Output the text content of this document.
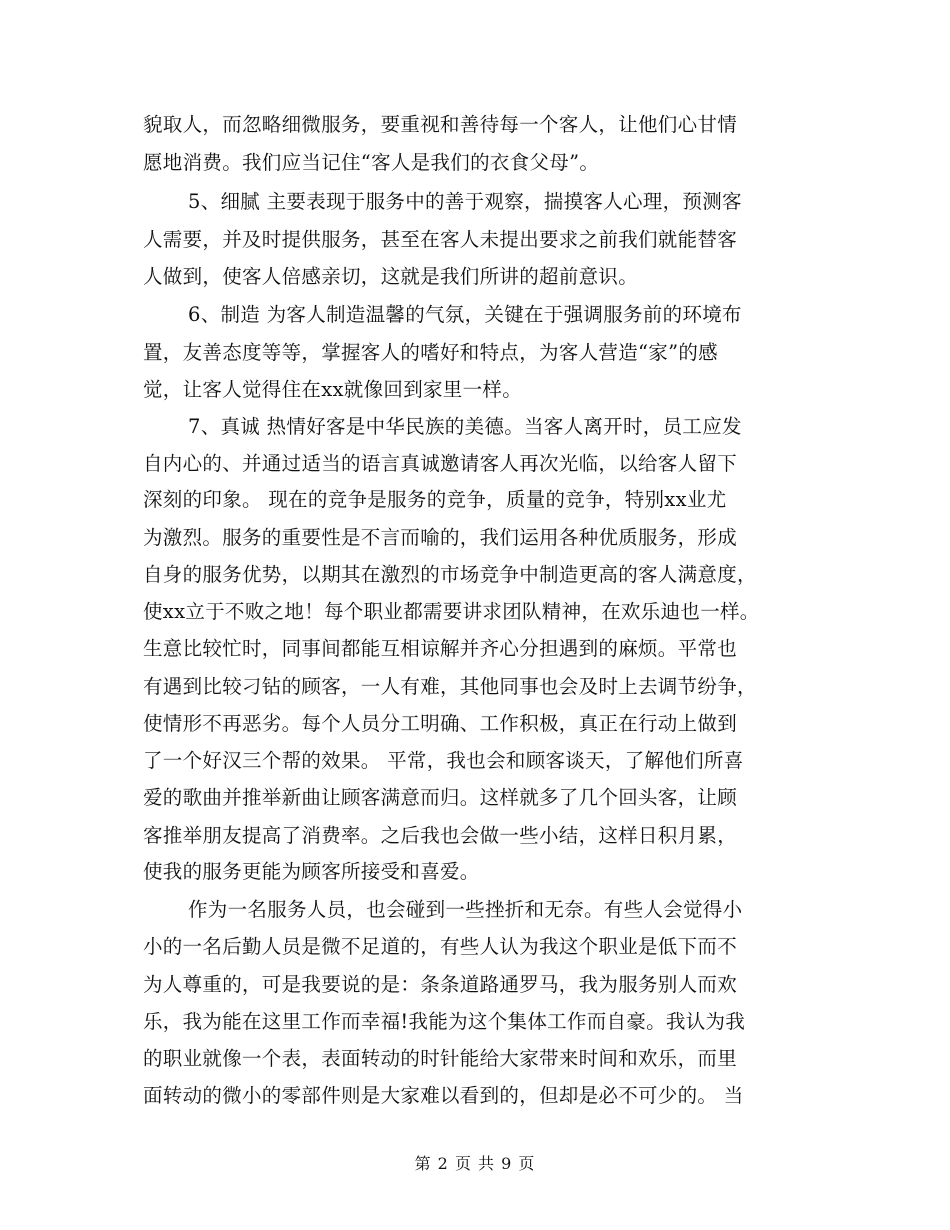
貌取人，而忽略细微服务，要重视和善待每一个客人，让他们心甘情
愿地消费。我们应当记住“客人是我们的衣食父母”。
5、细腻 主要表现于服务中的善于观察，揣摸客人心理，预测客
人需要，并及时提供服务，甚至在客人未提出要求之前我们就能替客
人做到，使客人倍感亲切，这就是我们所讲的超前意识。
6、制造 为客人制造温馨的气氛，关键在于强调服务前的环境布
置，友善态度等等，掌握客人的嗜好和特点，为客人营造“家”的感
觉，让客人觉得住在xx就像回到家里一样。
7、真诚 热情好客是中华民族的美德。当客人离开时，员工应发
自内心的、并通过适当的语言真诚邀请客人再次光临，以给客人留下
深刻的印象。 现在的竞争是服务的竞争，质量的竞争，特别xx业尤
为激烈。服务的重要性是不言而喻的，我们运用各种优质服务，形成
自身的服务优势，以期其在激烈的市场竞争中制造更高的客人满意度，
使xx立于不败之地！每个职业都需要讲求团队精神，在欢乐迪也一样。
生意比较忙时，同事间都能互相谅解并齐心分担遇到的麻烦。平常也
有遇到比较刁钻的顾客，一人有难，其他同事也会及时上去调节纷争，
使情形不再恶劣。每个人员分工明确、工作积极，真正在行动上做到
了一个好汉三个帮的效果。 平常，我也会和顾客谈天，了解他们所喜
爱的歌曲并推举新曲让顾客满意而归。这样就多了几个回头客，让顾
客推举朋友提高了消费率。之后我也会做一些小结，这样日积月累，
使我的服务更能为顾客所接受和喜爱。
作为一名服务人员，也会碰到一些挫折和无奈。有些人会觉得小
小的一名后勤人员是微不足道的，有些人认为我这个职业是低下而不
为人尊重的，可是我要说的是：条条道路通罗马，我为服务别人而欢
乐，我为能在这里工作而幸福!我能为这个集体工作而自豪。我认为我
的职业就像一个表，表面转动的时针能给大家带来时间和欢乐，而里
面转动的微小的零部件则是大家难以看到的，但却是必不可少的。 当
第 2 页 共 9 页
